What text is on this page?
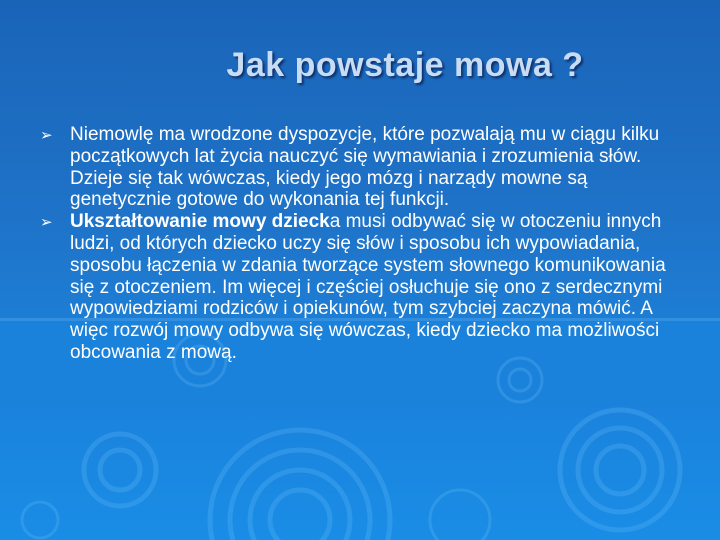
Jak powstaje mowa ?
➢ Niemowlę ma wrodzone dyspozycje, które pozwalają mu w ciągu kilku początkowych lat życia nauczyć się wymawiania i zrozumienia słów. Dzieje się tak wówczas, kiedy jego mózg i narządy mowne są genetycznie gotowe do wykonania tej funkcji.
➢ Ukształtowanie mowy dziecka musi odbywać się w otoczeniu innych ludzi, od których dziecko uczy się słów i sposobu ich wypowiadania, sposobu łączenia w zdania tworzące system słownego komunikowania się z otoczeniem. Im więcej i częściej osłuchuje się ono z serdecznymi wypowiedziami rodziców i opiekunów, tym szybciej zaczyna mówić. A więc rozwój mowy odbywa się wówczas, kiedy dziecko ma możliwości obcowania z mową.
